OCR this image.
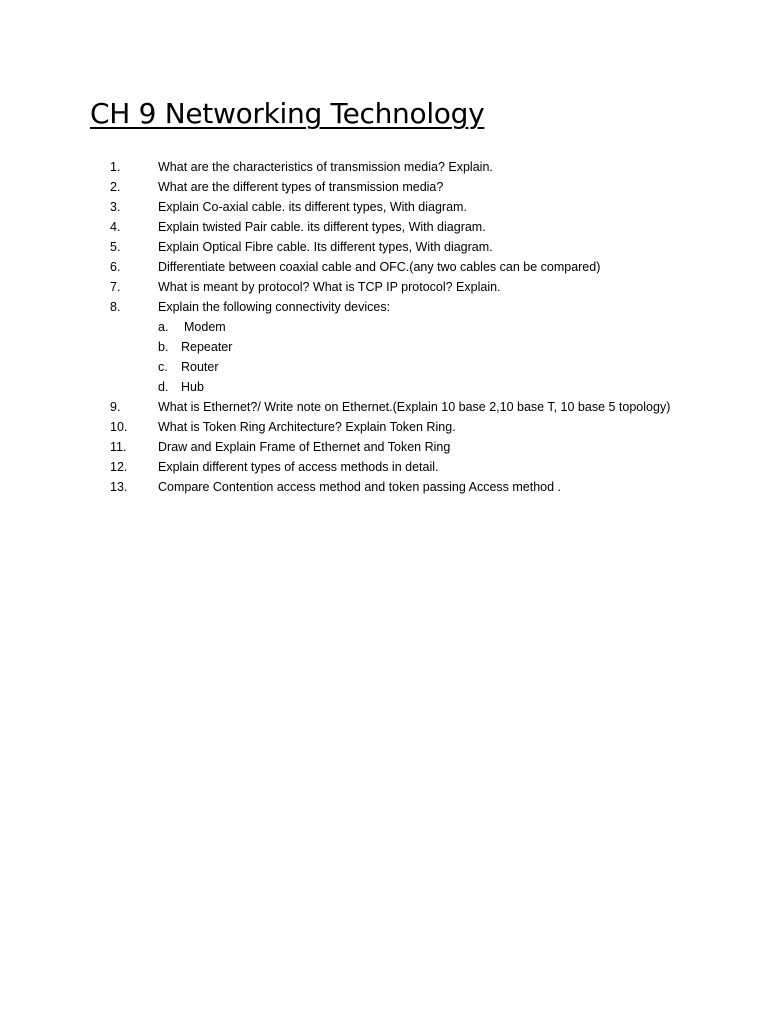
CH 9 Networking Technology
1.	What are the characteristics of transmission media? Explain.
2.	What are the different types of transmission media?
3.	Explain Co-axial cable. its different types, With diagram.
4.	Explain twisted Pair cable. its different types, With diagram.
5.	Explain Optical Fibre cable. Its different types, With diagram.
6.	Differentiate between coaxial cable and OFC.(any two cables can be compared)
7.	What is meant by protocol? What is TCP IP protocol? Explain.
8.	Explain the following connectivity devices:
a.	Modem
b.	Repeater
c.	Router
d.	Hub
9.	What is Ethernet?/ Write note on Ethernet.(Explain 10 base 2,10 base T, 10 base 5 topology)
10.	What is Token Ring Architecture? Explain Token Ring.
11.	Draw and Explain Frame of Ethernet and Token Ring
12.	Explain different types of access methods in detail.
13.	Compare Contention access method and token passing Access method .
